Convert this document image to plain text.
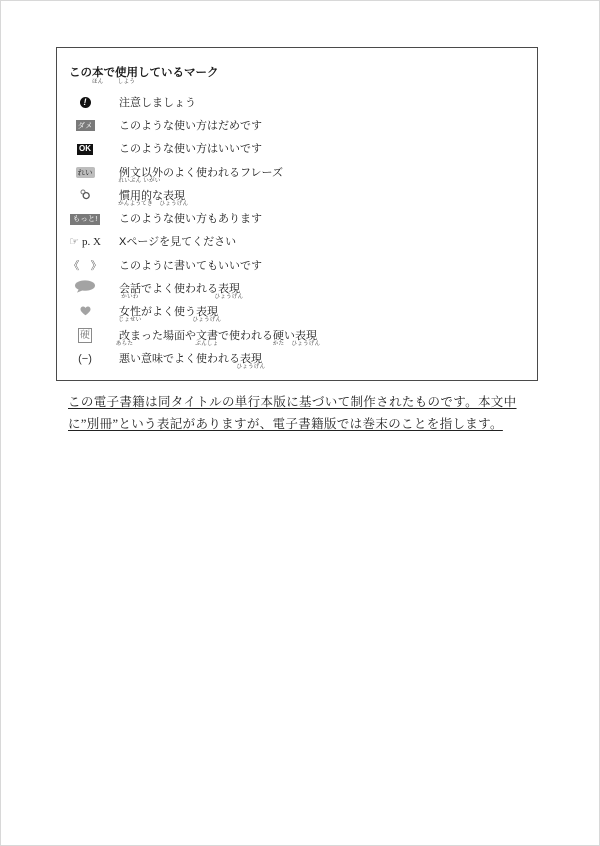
この本
ほん
で使用
しよう
しているマーク
!	注意しましょう
ダメ このような使い方はだめです
OK	このような使い方はいいです
れい 例文
れいぶん
以外
いがい
のよく使われるフレーズ
慣用的
かんようてき
な表現
ひょうげん
もっと! このような使い方もあります
☞ p. X Xページを見てください
《　》 このように書いてもいいです
会話
かいわ
でよく使われる表現
ひょうげん
女性
じょせい
がよく使う表現
ひょうげん
硬	改
あらた
まった場面や文書
ぶんしょ
で使われる硬
かた
い表現
ひょうげん
(−) 悪い意味でよく使われる表現
ひょうげん
この電子書籍は同タイトルの単行本版に基づいて制作されたものです。本文中
に”別冊”という表記がありますが、電子書籍版では巻末のことを指します。
